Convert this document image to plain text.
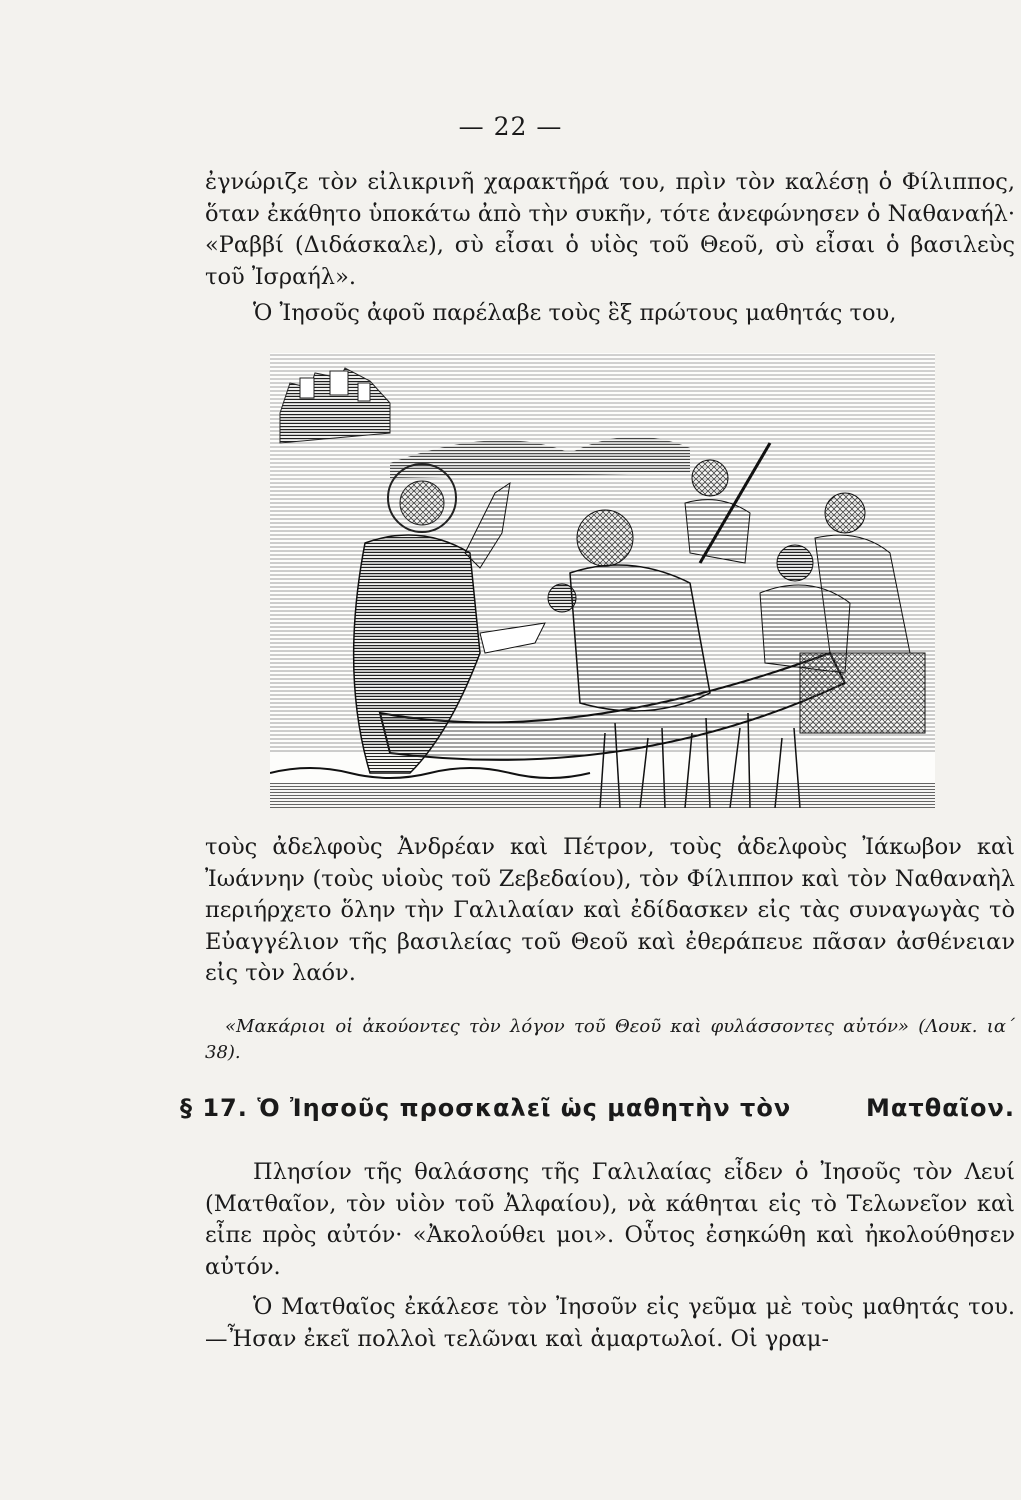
— 22 —

ἐγνώριζε τὸν εἰλικρινῆ χαρακτῆρά του, πρὶν τὸν καλέσῃ ὁ Φίλιππος, ὅταν ἐκάθητο ὑποκάτω ἀπὸ τὴν συκῆν, τότε ἀνεφώνησεν ὁ Ναθαναήλ· «Ραββί (Διδάσκαλε), σὺ εἶσαι ὁ υἱὸς τοῦ Θεοῦ, σὺ εἶσαι ὁ βασιλεὺς τοῦ Ἰσραήλ».

Ὁ Ἰησοῦς ἀφοῦ παρέλαβε τοὺς ἓξ πρώτους μαθητάς του,

τοὺς ἀδελφοὺς Ἀνδρέαν καὶ Πέτρον, τοὺς ἀδελφοὺς Ἰάκωβον καὶ Ἰωάννην (τοὺς υἱοὺς τοῦ Ζεβεδαίου), τὸν Φίλιππον καὶ τὸν Ναθαναὴλ περιήρχετο ὅλην τὴν Γαλιλαίαν καὶ ἐδίδασκεν εἰς τὰς συναγωγὰς τὸ Εὐαγγέλιον τῆς βασιλείας τοῦ Θεοῦ καὶ ἐθεράπευε πᾶσαν ἀσθένειαν εἰς τὸν λαόν.

«Μακάριοι οἱ ἀκούοντες τὸν λόγον τοῦ Θεοῦ καὶ φυλάσσοντες αὐτόν» (Λουκ. ια΄ 38).

§ 17. Ὁ Ἰησοῦς προσκαλεῖ ὡς μαθητὴν τὸν	Ματθαῖον.

Πλησίον τῆς θαλάσσης τῆς Γαλιλαίας εἶδεν ὁ Ἰησοῦς τὸν Λευί (Ματθαῖον, τὸν υἱὸν τοῦ Ἀλφαίου), νὰ κάθηται εἰς τὸ Τελωνεῖον καὶ εἶπε πρὸς αὐτόν· «Ἀκολούθει μοι». Οὗτος ἐσηκώθη καὶ ἠκολούθησεν αὐτόν.

Ὁ Ματθαῖος ἐκάλεσε τὸν Ἰησοῦν εἰς γεῦμα μὲ τοὺς μαθητάς του.—Ἦσαν ἐκεῖ πολλοὶ τελῶναι καὶ ἁμαρτωλοί. Οἱ γραμ-
